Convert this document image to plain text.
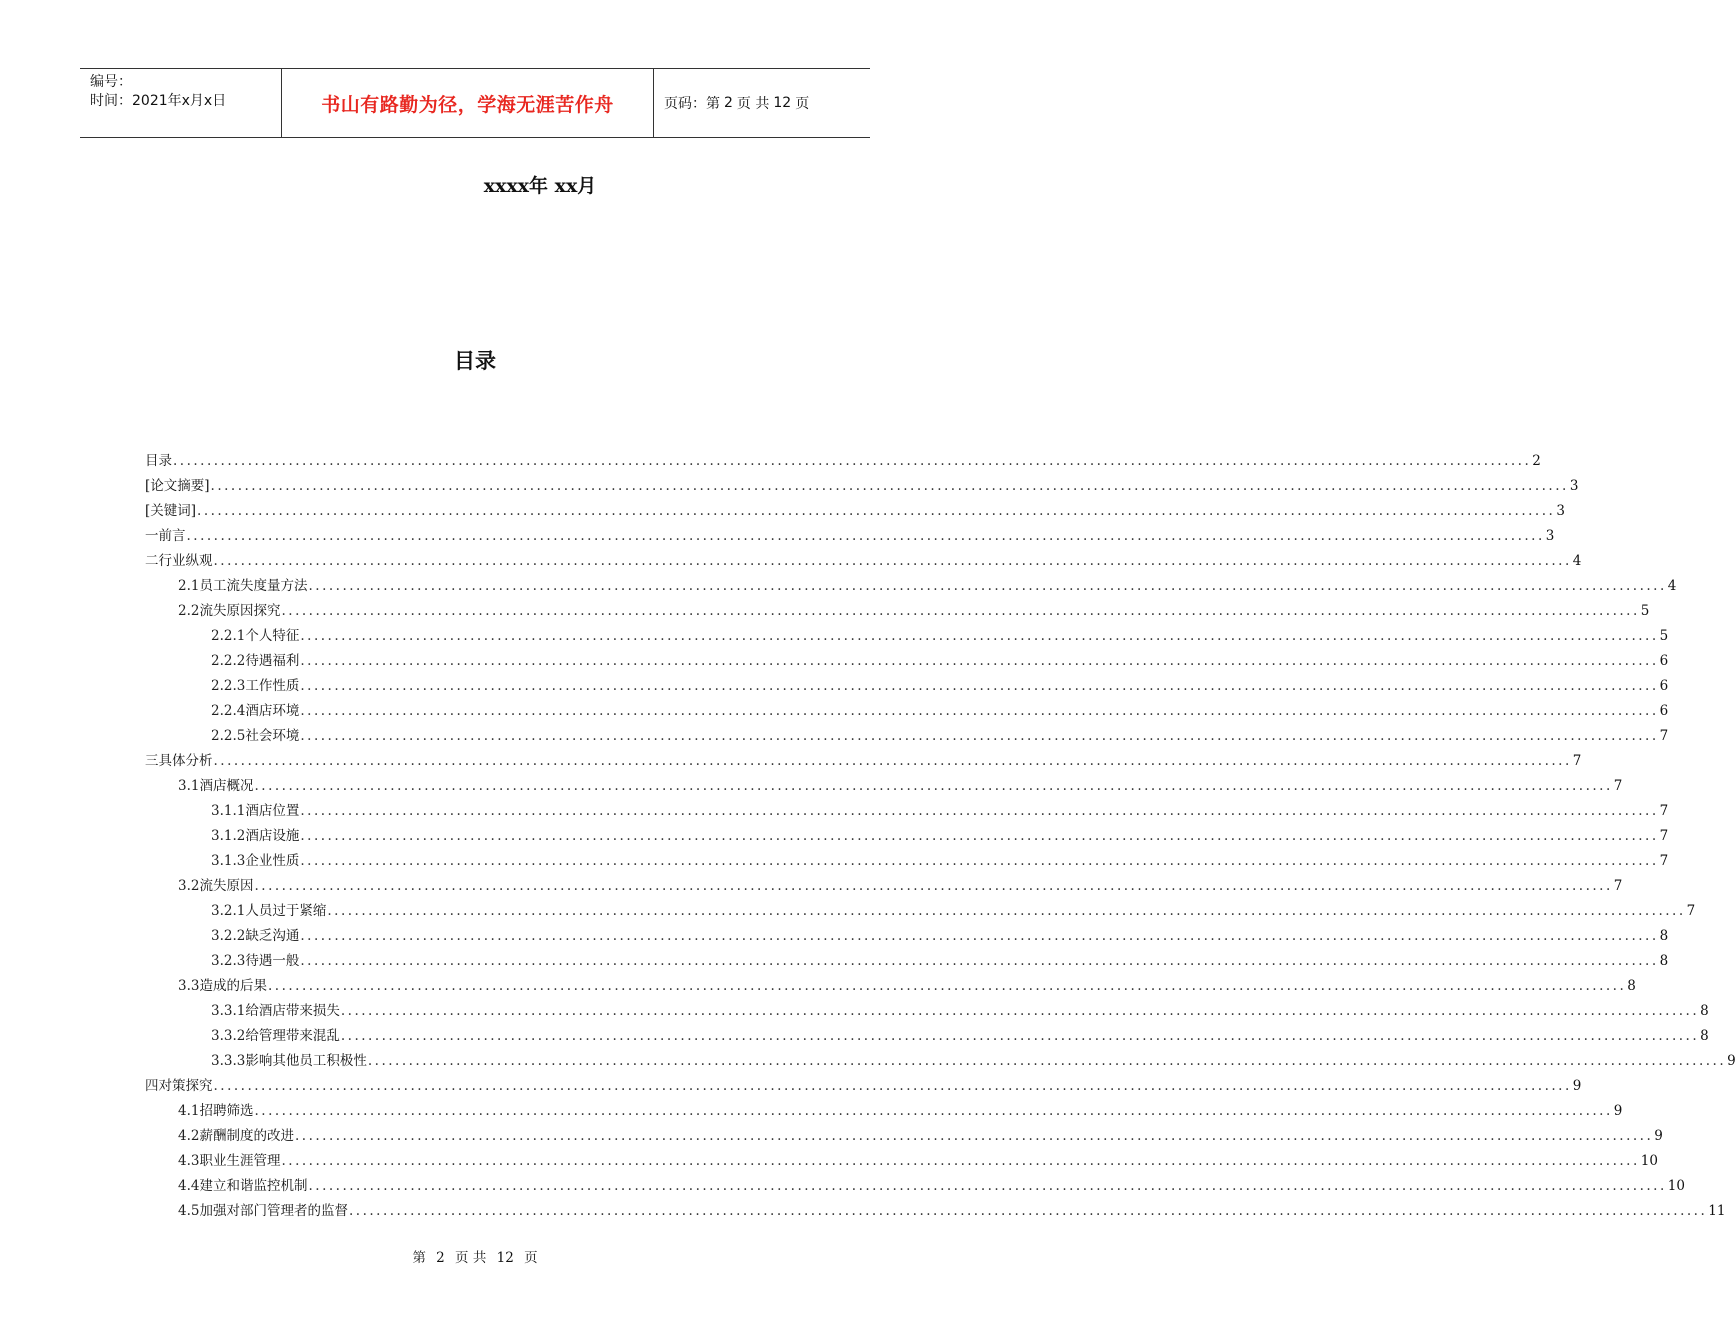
编号：
时间：2021年x月x日	书山有路勤为径，学海无涯苦作舟	页码：第 2 页 共 12 页
xxxx年 xx月
目录
目录 ........................................................................................................................................................................................................ 2
[论文摘要] ........................................................................................................................................................................................................ 3
[关键词] ........................................................................................................................................................................................................ 3
一 前言 ........................................................................................................................................................................................................ 3
二 行业纵观 ........................................................................................................................................................................................................ 4
2.1 员工流失度量方法 ........................................................................................................................................................................................................ 4
2.2 流失原因探究 ........................................................................................................................................................................................................ 5
2.2.1 个人特征 ........................................................................................................................................................................................................ 5
2.2.2 待遇福利 ........................................................................................................................................................................................................ 6
2.2.3 工作性质 ........................................................................................................................................................................................................ 6
2.2.4 酒店环境 ........................................................................................................................................................................................................ 6
2.2.5 社会环境 ........................................................................................................................................................................................................ 7
三 具体分析 ........................................................................................................................................................................................................ 7
3.1 酒店概况 ........................................................................................................................................................................................................ 7
3.1.1 酒店位置 ........................................................................................................................................................................................................ 7
3.1.2 酒店设施 ........................................................................................................................................................................................................ 7
3.1.3 企业性质 ........................................................................................................................................................................................................ 7
3.2 流失原因 ........................................................................................................................................................................................................ 7
3.2.1 人员过于紧缩 ........................................................................................................................................................................................................ 7
3.2.2 缺乏沟通 ........................................................................................................................................................................................................ 8
3.2.3 待遇一般 ........................................................................................................................................................................................................ 8
3.3 造成的后果 ........................................................................................................................................................................................................ 8
3.3.1 给酒店带来损失 ........................................................................................................................................................................................................ 8
3.3.2 给管理带来混乱 ........................................................................................................................................................................................................ 8
3.3.3 影响其他员工积极性 ........................................................................................................................................................................................................ 9
四 对策探究 ........................................................................................................................................................................................................ 9
4.1 招聘筛选 ........................................................................................................................................................................................................ 9
4.2 薪酬制度的改进 ........................................................................................................................................................................................................ 9
4.3 职业生涯管理 ........................................................................................................................................................................................................ 10
4.4 建立和谐监控机制 ........................................................................................................................................................................................................ 10
4.5 加强对部门管理者的监督 ........................................................................................................................................................................................................ 11
第 2 页 共 12 页
